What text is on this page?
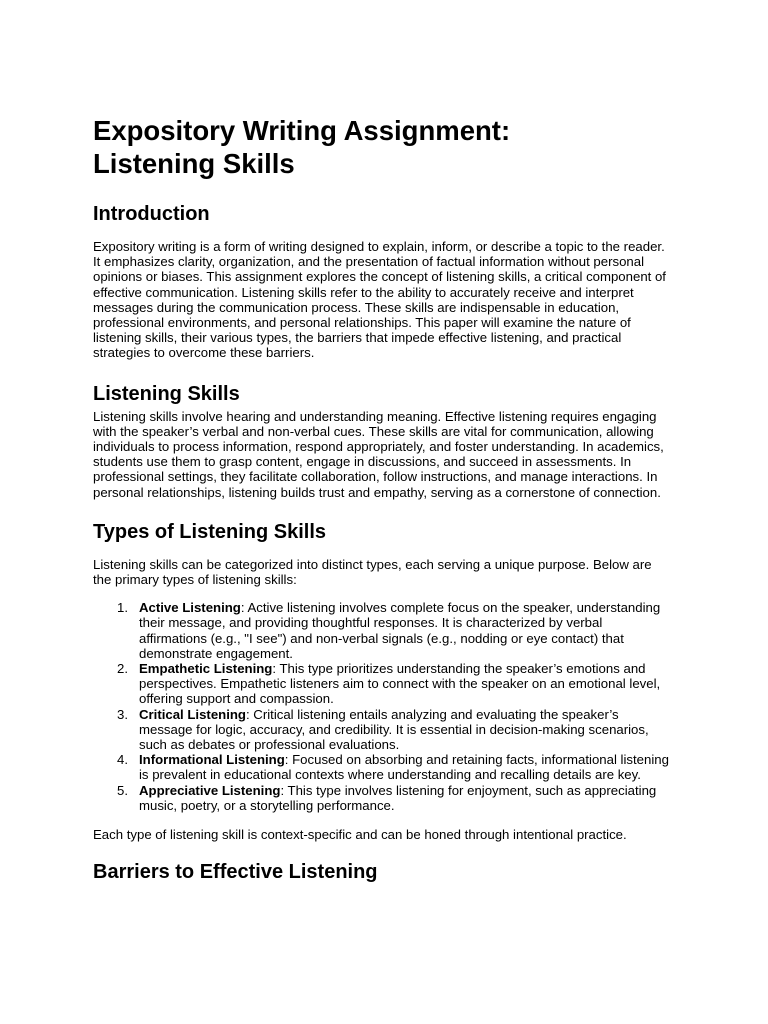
Expository Writing Assignment:
Listening Skills
Introduction

Expository writing is a form of writing designed to explain, inform, or describe a topic to the reader. It emphasizes clarity, organization, and the presentation of factual information without personal opinions or biases. This assignment explores the concept of listening skills, a critical component of effective communication. Listening skills refer to the ability to accurately receive and interpret messages during the communication process. These skills are indispensable in education, professional environments, and personal relationships. This paper will examine the nature of listening skills, their various types, the barriers that impede effective listening, and practical strategies to overcome these barriers.

Listening Skills

Listening skills involve hearing and understanding meaning. Effective listening requires engaging with the speaker’s verbal and non-verbal cues. These skills are vital for communication, allowing individuals to process information, respond appropriately, and foster understanding. In academics, students use them to grasp content, engage in discussions, and succeed in assessments. In professional settings, they facilitate collaboration, follow instructions, and manage interactions. In personal relationships, listening builds trust and empathy, serving as a cornerstone of connection.

Types of Listening Skills

Listening skills can be categorized into distinct types, each serving a unique purpose. Below are the primary types of listening skills:

1. Active Listening: Active listening involves complete focus on the speaker, understanding their message, and providing thoughtful responses. It is characterized by verbal affirmations (e.g., "I see") and non-verbal signals (e.g., nodding or eye contact) that demonstrate engagement.
2. Empathetic Listening: This type prioritizes understanding the speaker’s emotions and perspectives. Empathetic listeners aim to connect with the speaker on an emotional level, offering support and compassion.
3. Critical Listening: Critical listening entails analyzing and evaluating the speaker’s message for logic, accuracy, and credibility. It is essential in decision-making scenarios, such as debates or professional evaluations.
4. Informational Listening: Focused on absorbing and retaining facts, informational listening is prevalent in educational contexts where understanding and recalling details are key.
5. Appreciative Listening: This type involves listening for enjoyment, such as appreciating music, poetry, or a storytelling performance.

Each type of listening skill is context-specific and can be honed through intentional practice.

Barriers to Effective Listening
